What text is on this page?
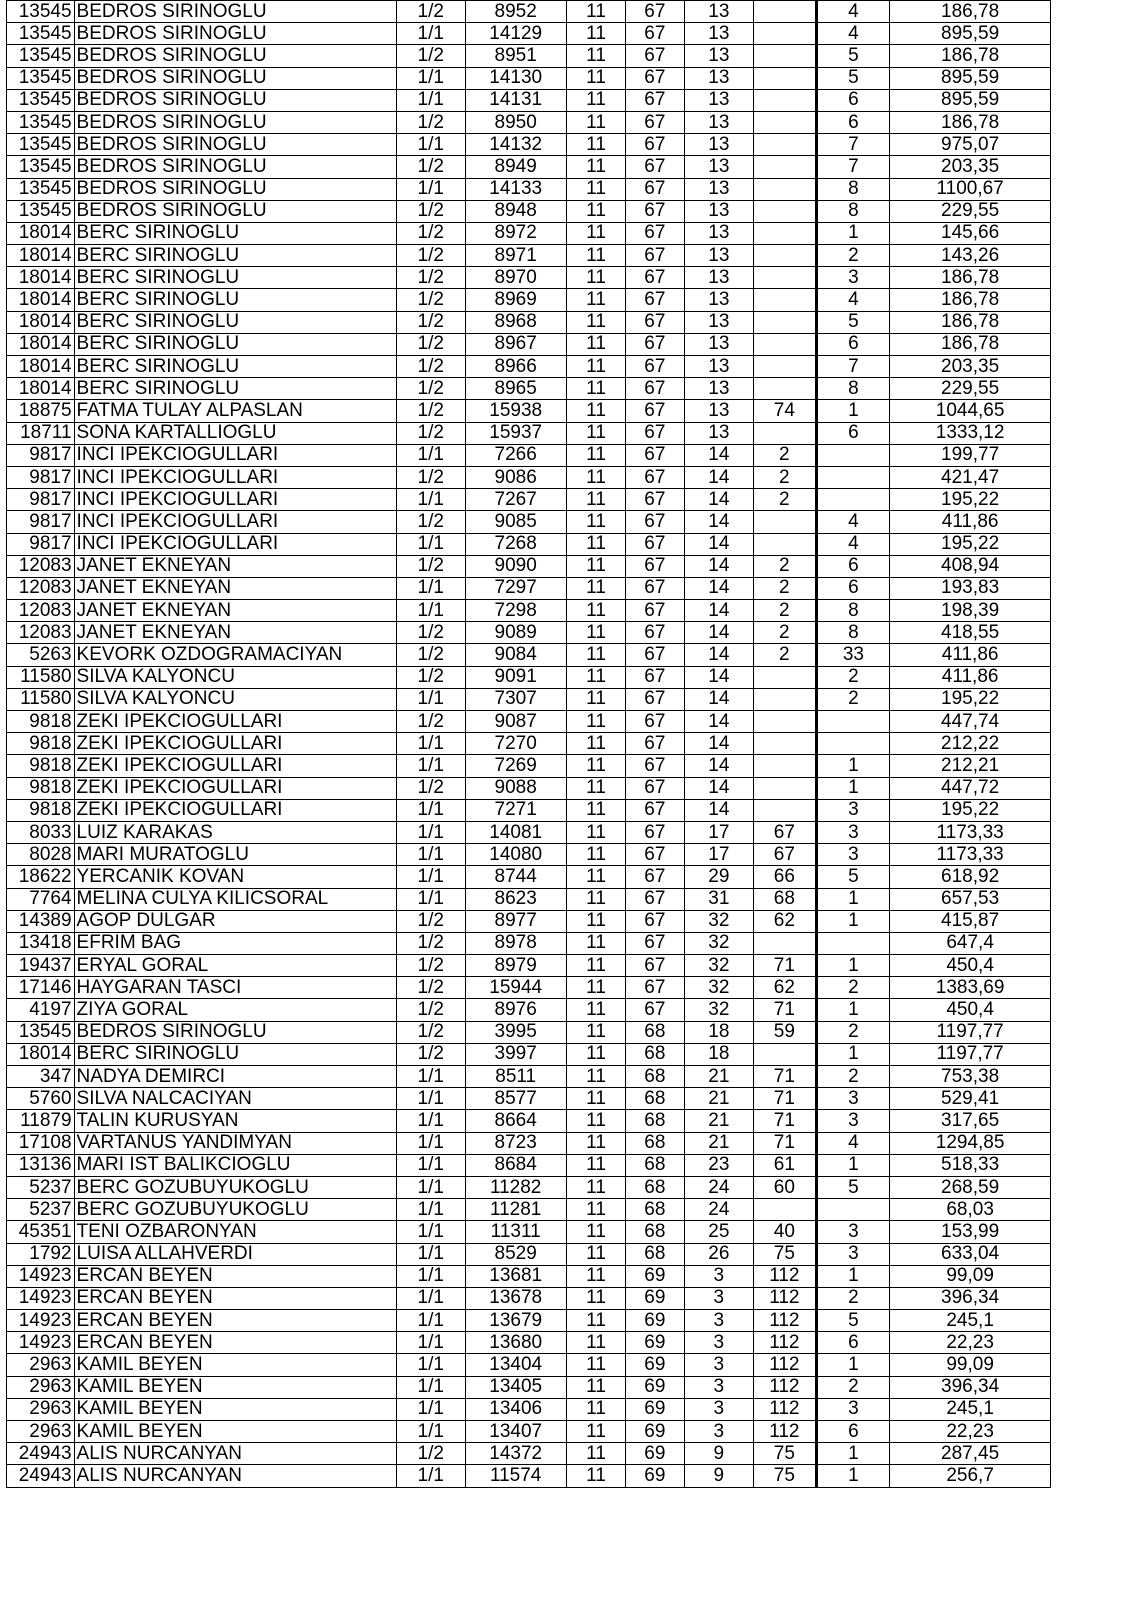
13545	BEDROS SIRINOGLU	1/2	8952	11	67	13		4	186,78
13545	BEDROS SIRINOGLU	1/1	14129	11	67	13		4	895,59
13545	BEDROS SIRINOGLU	1/2	8951	11	67	13		5	186,78
13545	BEDROS SIRINOGLU	1/1	14130	11	67	13		5	895,59
13545	BEDROS SIRINOGLU	1/1	14131	11	67	13		6	895,59
13545	BEDROS SIRINOGLU	1/2	8950	11	67	13		6	186,78
13545	BEDROS SIRINOGLU	1/1	14132	11	67	13		7	975,07
13545	BEDROS SIRINOGLU	1/2	8949	11	67	13		7	203,35
13545	BEDROS SIRINOGLU	1/1	14133	11	67	13		8	1100,67
13545	BEDROS SIRINOGLU	1/2	8948	11	67	13		8	229,55
18014	BERC SIRINOGLU	1/2	8972	11	67	13		1	145,66
18014	BERC SIRINOGLU	1/2	8971	11	67	13		2	143,26
18014	BERC SIRINOGLU	1/2	8970	11	67	13		3	186,78
18014	BERC SIRINOGLU	1/2	8969	11	67	13		4	186,78
18014	BERC SIRINOGLU	1/2	8968	11	67	13		5	186,78
18014	BERC SIRINOGLU	1/2	8967	11	67	13		6	186,78
18014	BERC SIRINOGLU	1/2	8966	11	67	13		7	203,35
18014	BERC SIRINOGLU	1/2	8965	11	67	13		8	229,55
18875	FATMA TULAY ALPASLAN	1/2	15938	11	67	13	74	1	1044,65
18711	SONA KARTALLIOGLU	1/2	15937	11	67	13		6	1333,12
9817	INCI IPEKCIOGULLARI	1/1	7266	11	67	14	2		199,77
9817	INCI IPEKCIOGULLARI	1/2	9086	11	67	14	2		421,47
9817	INCI IPEKCIOGULLARI	1/1	7267	11	67	14	2		195,22
9817	INCI IPEKCIOGULLARI	1/2	9085	11	67	14		4	411,86
9817	INCI IPEKCIOGULLARI	1/1	7268	11	67	14		4	195,22
12083	JANET EKNEYAN	1/2	9090	11	67	14	2	6	408,94
12083	JANET EKNEYAN	1/1	7297	11	67	14	2	6	193,83
12083	JANET EKNEYAN	1/1	7298	11	67	14	2	8	198,39
12083	JANET EKNEYAN	1/2	9089	11	67	14	2	8	418,55
5263	KEVORK OZDOGRAMACIYAN	1/2	9084	11	67	14	2	33	411,86
11580	SILVA KALYONCU	1/2	9091	11	67	14		2	411,86
11580	SILVA KALYONCU	1/1	7307	11	67	14		2	195,22
9818	ZEKI IPEKCIOGULLARI	1/2	9087	11	67	14			447,74
9818	ZEKI IPEKCIOGULLARI	1/1	7270	11	67	14			212,22
9818	ZEKI IPEKCIOGULLARI	1/1	7269	11	67	14		1	212,21
9818	ZEKI IPEKCIOGULLARI	1/2	9088	11	67	14		1	447,72
9818	ZEKI IPEKCIOGULLARI	1/1	7271	11	67	14		3	195,22
8033	LUIZ KARAKAS	1/1	14081	11	67	17	67	3	1173,33
8028	MARI MURATOGLU	1/1	14080	11	67	17	67	3	1173,33
18622	YERCANIK KOVAN	1/1	8744	11	67	29	66	5	618,92
7764	MELINA CULYA KILICSORAL	1/1	8623	11	67	31	68	1	657,53
14389	AGOP DULGAR	1/2	8977	11	67	32	62	1	415,87
13418	EFRIM BAG	1/2	8978	11	67	32			647,4
19437	ERYAL GORAL	1/2	8979	11	67	32	71	1	450,4
17146	HAYGARAN TASCI	1/2	15944	11	67	32	62	2	1383,69
4197	ZIYA GORAL	1/2	8976	11	67	32	71	1	450,4
13545	BEDROS SIRINOGLU	1/2	3995	11	68	18	59	2	1197,77
18014	BERC SIRINOGLU	1/2	3997	11	68	18		1	1197,77
347	NADYA DEMIRCI	1/1	8511	11	68	21	71	2	753,38
5760	SILVA NALCACIYAN	1/1	8577	11	68	21	71	3	529,41
11879	TALIN KURUSYAN	1/1	8664	11	68	21	71	3	317,65
17108	VARTANUS YANDIMYAN	1/1	8723	11	68	21	71	4	1294,85
13136	MARI IST BALIKCIOGLU	1/1	8684	11	68	23	61	1	518,33
5237	BERC GOZUBUYUKOGLU	1/1	11282	11	68	24	60	5	268,59
5237	BERC GOZUBUYUKOGLU	1/1	11281	11	68	24			68,03
45351	TENI OZBARONYAN	1/1	11311	11	68	25	40	3	153,99
1792	LUISA ALLAHVERDI	1/1	8529	11	68	26	75	3	633,04
14923	ERCAN BEYEN	1/1	13681	11	69	3	112	1	99,09
14923	ERCAN BEYEN	1/1	13678	11	69	3	112	2	396,34
14923	ERCAN BEYEN	1/1	13679	11	69	3	112	5	245,1
14923	ERCAN BEYEN	1/1	13680	11	69	3	112	6	22,23
2963	KAMIL BEYEN	1/1	13404	11	69	3	112	1	99,09
2963	KAMIL BEYEN	1/1	13405	11	69	3	112	2	396,34
2963	KAMIL BEYEN	1/1	13406	11	69	3	112	3	245,1
2963	KAMIL BEYEN	1/1	13407	11	69	3	112	6	22,23
24943	ALIS NURCANYAN	1/2	14372	11	69	9	75	1	287,45
24943	ALIS NURCANYAN	1/1	11574	11	69	9	75	1	256,7
